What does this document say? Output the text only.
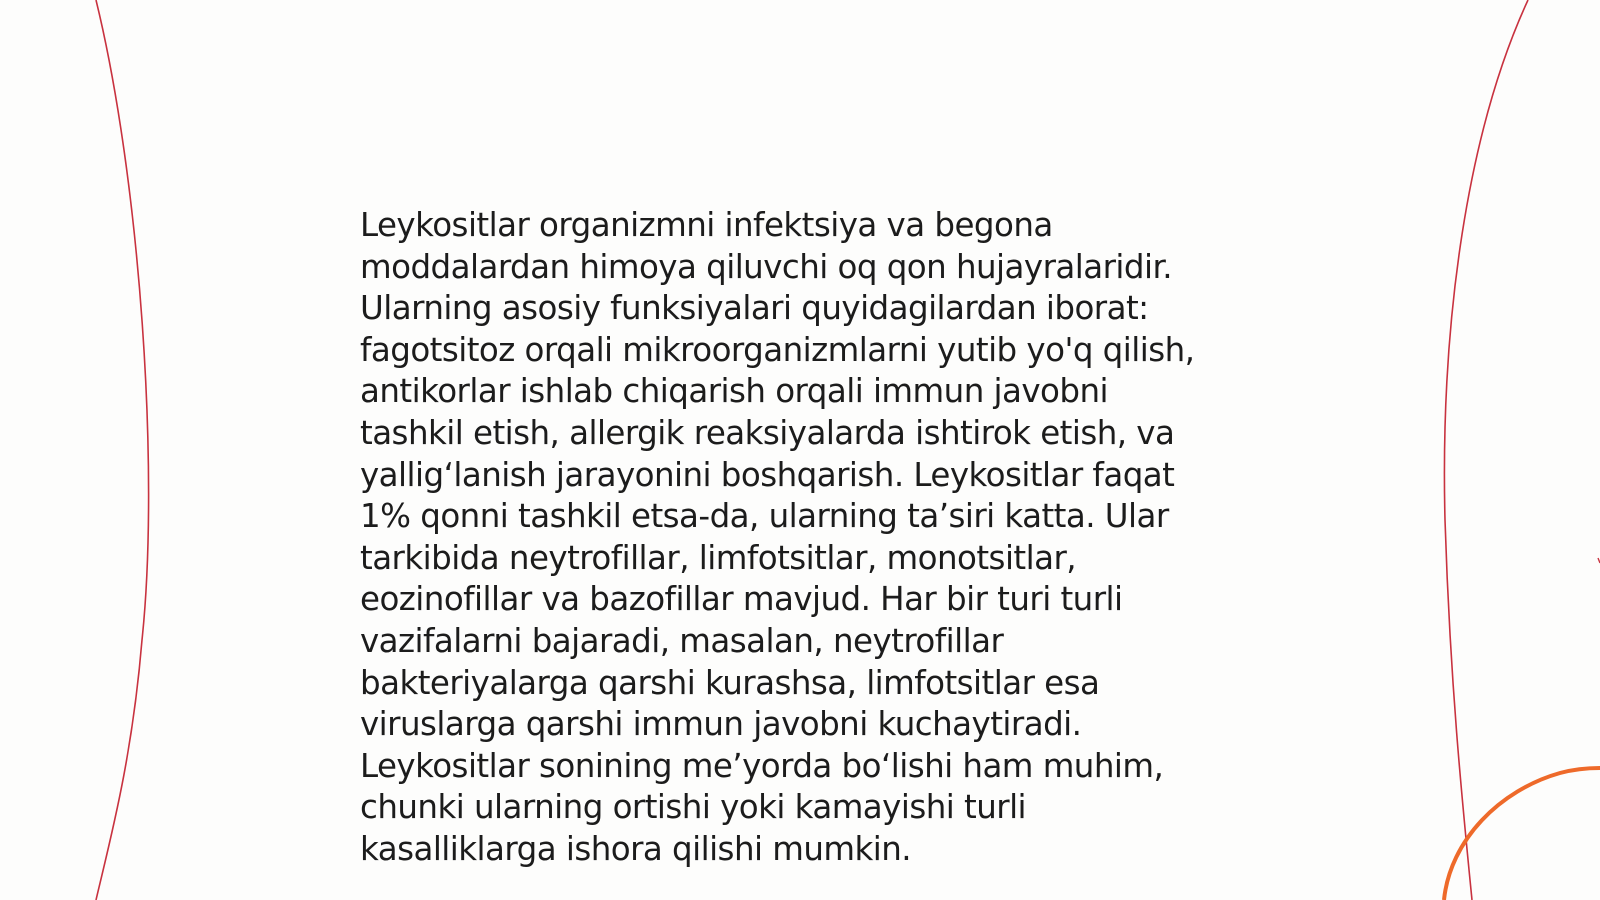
Leykositlar organizmni infektsiya va begona
moddalardan himoya qiluvchi oq qon hujayralaridir.
Ularning asosiy funksiyalari quyidagilardan iborat:
fagotsitoz orqali mikroorganizmlarni yutib yo'q qilish,
antikorlar ishlab chiqarish orqali immun javobni
tashkil etish, allergik reaksiyalarda ishtirok etish, va
yallig‘lanish jarayonini boshqarish. Leykositlar faqat
1% qonni tashkil etsa-da, ularning ta’siri katta. Ular
tarkibida neytrofillar, limfotsitlar, monotsitlar,
eozinofillar va bazofillar mavjud. Har bir turi turli
vazifalarni bajaradi, masalan, neytrofillar
bakteriyalarga qarshi kurashsa, limfotsitlar esa
viruslarga qarshi immun javobni kuchaytiradi.
Leykositlar sonining me’yorda bo‘lishi ham muhim,
chunki ularning ortishi yoki kamayishi turli
kasalliklarga ishora qilishi mumkin.
